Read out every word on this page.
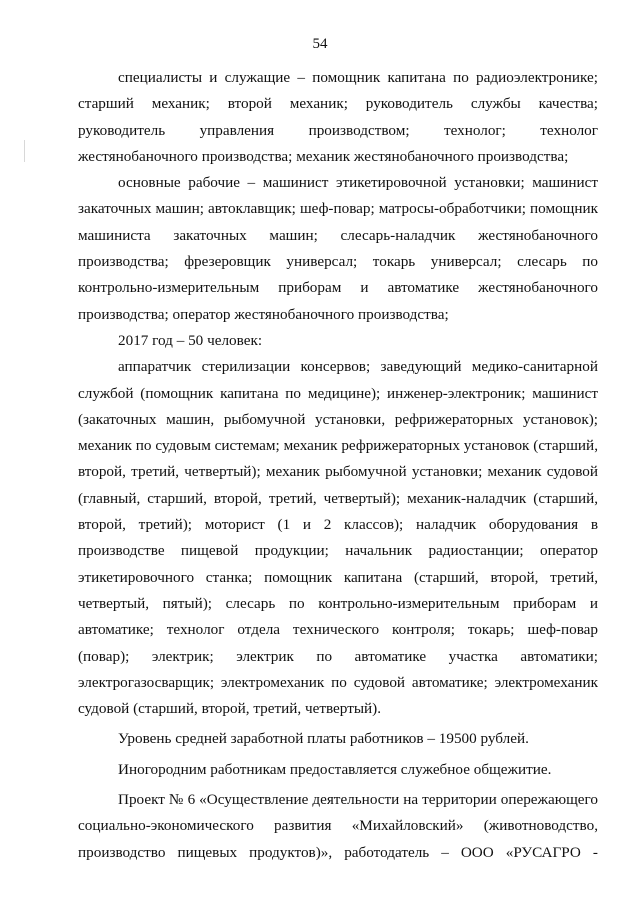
54

специалисты и служащие – помощник капитана по радиоэлектронике; старший механик; второй механик; руководитель службы качества; руководитель управления производством; технолог; технолог жестянобаночного производства; механик жестянобаночного производства;

основные рабочие – машинист этикетировочной установки; машинист закаточных машин; автоклавщик; шеф-повар; матросы-обработчики; помощник машиниста закаточных машин; слесарь-наладчик жестянобаночного производства; фрезеровщик универсал; токарь универсал; слесарь по контрольно-измерительным приборам и автоматике жестянобаночного производства; оператор жестянобаночного производства;

2017 год – 50 человек:

аппаратчик стерилизации консервов; заведующий медико-санитарной службой (помощник капитана по медицине); инженер-электроник; машинист (закаточных машин, рыбомучной установки, рефрижераторных установок); механик по судовым системам; механик рефрижераторных установок (старший, второй, третий, четвертый); механик рыбомучной установки; механик судовой (главный, старший, второй, третий, четвертый); механик-наладчик (старший, второй, третий); моторист (1 и 2 классов); наладчик оборудования в производстве пищевой продукции; начальник радиостанции; оператор этикетировочного станка; помощник капитана (старший, второй, третий, четвертый, пятый); слесарь по контрольно-измерительным приборам и автоматике; технолог отдела технического контроля; токарь; шеф-повар (повар); электрик; электрик по автоматике участка автоматики; электрогазосварщик; электромеханик по судовой автоматике; электромеханик судовой (старший, второй, третий, четвертый).

Уровень средней заработной платы работников – 19500 рублей.

Иногородним работникам предоставляется служебное общежитие.

Проект № 6 «Осуществление деятельности на территории опережающего социально-экономического развития «Михайловский» (животноводство, производство пищевых продуктов)», работодатель – ООО «РУСАГРО -
